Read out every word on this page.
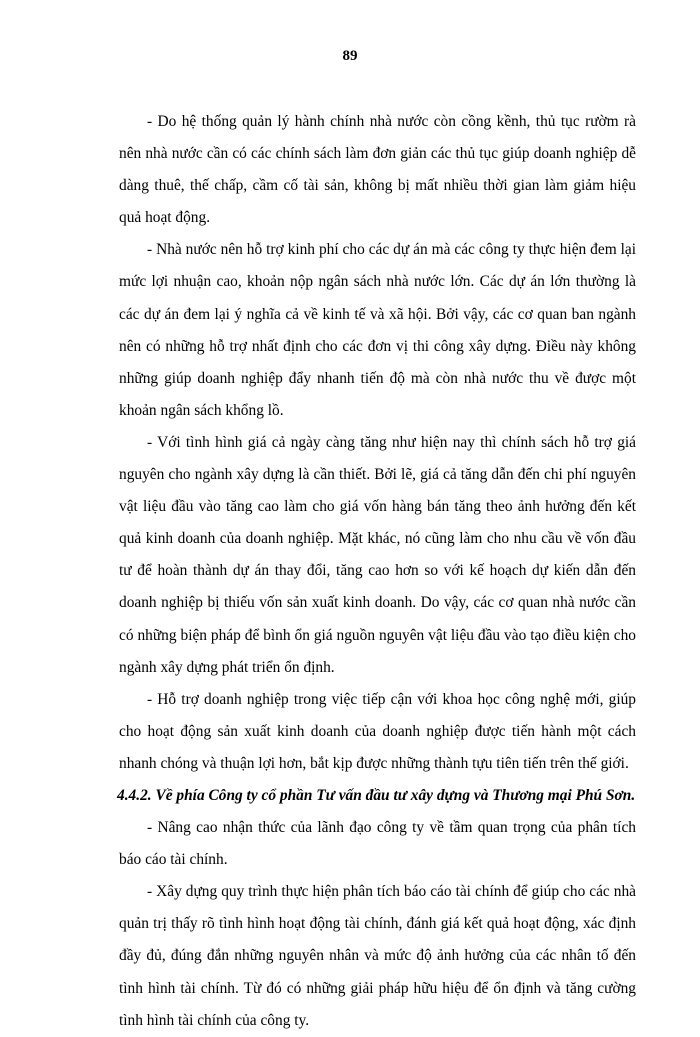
89

- Do hệ thống quản lý hành chính nhà nước còn cồng kềnh, thủ tục rườm rà nên nhà nước cần có các chính sách làm đơn giản các thủ tục giúp doanh nghiệp dễ dàng thuê, thế chấp, cầm cố tài sản, không bị mất nhiều thời gian làm giảm hiệu quả hoạt động.

- Nhà nước nên hỗ trợ kinh phí cho các dự án mà các công ty thực hiện đem lại mức lợi nhuận cao, khoản nộp ngân sách nhà nước lớn. Các dự án lớn thường là các dự án đem lại ý nghĩa cả về kinh tế và xã hội. Bởi vậy, các cơ quan ban ngành nên có những hỗ trợ nhất định cho các đơn vị thi công xây dựng. Điều này không những giúp doanh nghiệp đẩy nhanh tiến độ mà còn nhà nước thu về được một khoản ngân sách khổng lồ.

- Với tình hình giá cả ngày càng tăng như hiện nay thì chính sách hỗ trợ giá nguyên cho ngành xây dựng là cần thiết. Bởi lẽ, giá cả tăng dẫn đến chi phí nguyên vật liệu đầu vào tăng cao làm cho giá vốn hàng bán tăng theo ảnh hưởng đến kết quả kinh doanh của doanh nghiệp. Mặt khác, nó cũng làm cho nhu cầu về vốn đầu tư để hoàn thành dự án thay đổi, tăng cao hơn so với kế hoạch dự kiến dẫn đến doanh nghiệp bị thiếu vốn sản xuất kinh doanh. Do vậy, các cơ quan nhà nước cần có những biện pháp để bình ổn giá nguồn nguyên vật liệu đầu vào tạo điều kiện cho ngành xây dựng phát triển ổn định.

- Hỗ trợ doanh nghiệp trong việc tiếp cận với khoa học công nghệ mới, giúp cho hoạt động sản xuất kinh doanh của doanh nghiệp được tiến hành một cách nhanh chóng và thuận lợi hơn, bắt kịp được những thành tựu tiên tiến trên thế giới.

4.4.2. Về phía Công ty cổ phần Tư vấn đầu tư xây dựng và Thương mại Phú Sơn.

- Nâng cao nhận thức của lãnh đạo công ty về tầm quan trọng của phân tích báo cáo tài chính.

- Xây dựng quy trình thực hiện phân tích báo cáo tài chính để giúp cho các nhà quản trị thấy rõ tình hình hoạt động tài chính, đánh giá kết quả hoạt động, xác định đầy đủ, đúng đắn những nguyên nhân và mức độ ảnh hưởng của các nhân tố đến tình hình tài chính. Từ đó có những giải pháp hữu hiệu để ổn định và tăng cường tình hình tài chính của công ty.
